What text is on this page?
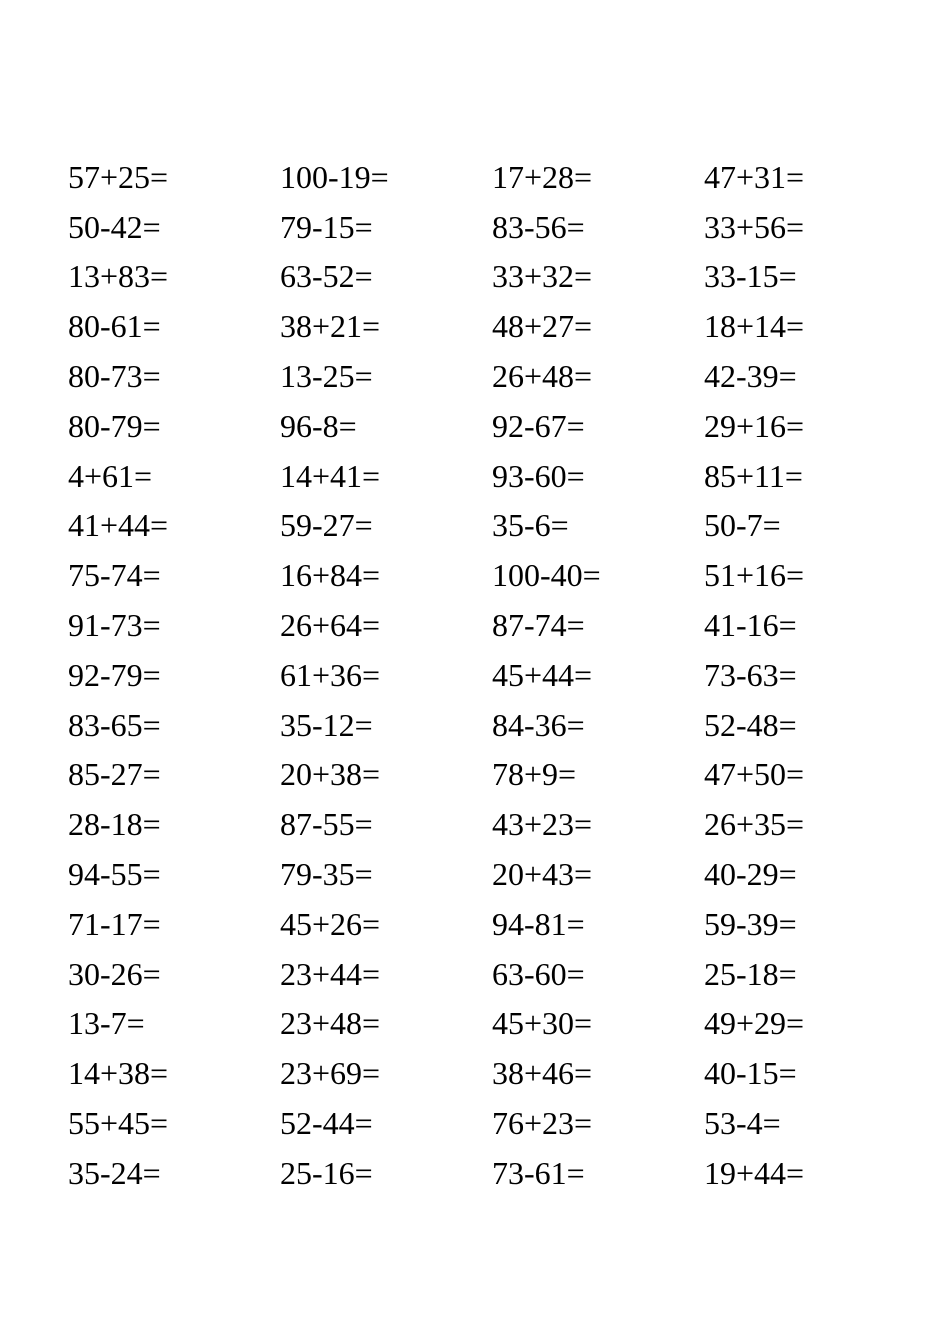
57+25=	100-19=	17+28=	47+31=
50-42=	79-15=	83-56=	33+56=
13+83=	63-52=	33+32=	33-15=
80-61=	38+21=	48+27=	18+14=
80-73=	13-25=	26+48=	42-39=
80-79=	96-8=	92-67=	29+16=
4+61=	14+41=	93-60=	85+11=
41+44=	59-27=	35-6=	50-7=
75-74=	16+84=	100-40=	51+16=
91-73=	26+64=	87-74=	41-16=
92-79=	61+36=	45+44=	73-63=
83-65=	35-12=	84-36=	52-48=
85-27=	20+38=	78+9=	47+50=
28-18=	87-55=	43+23=	26+35=
94-55=	79-35=	20+43=	40-29=
71-17=	45+26=	94-81=	59-39=
30-26=	23+44=	63-60=	25-18=
13-7=	23+48=	45+30=	49+29=
14+38=	23+69=	38+46=	40-15=
55+45=	52-44=	76+23=	53-4=
35-24=	25-16=	73-61=	19+44=
